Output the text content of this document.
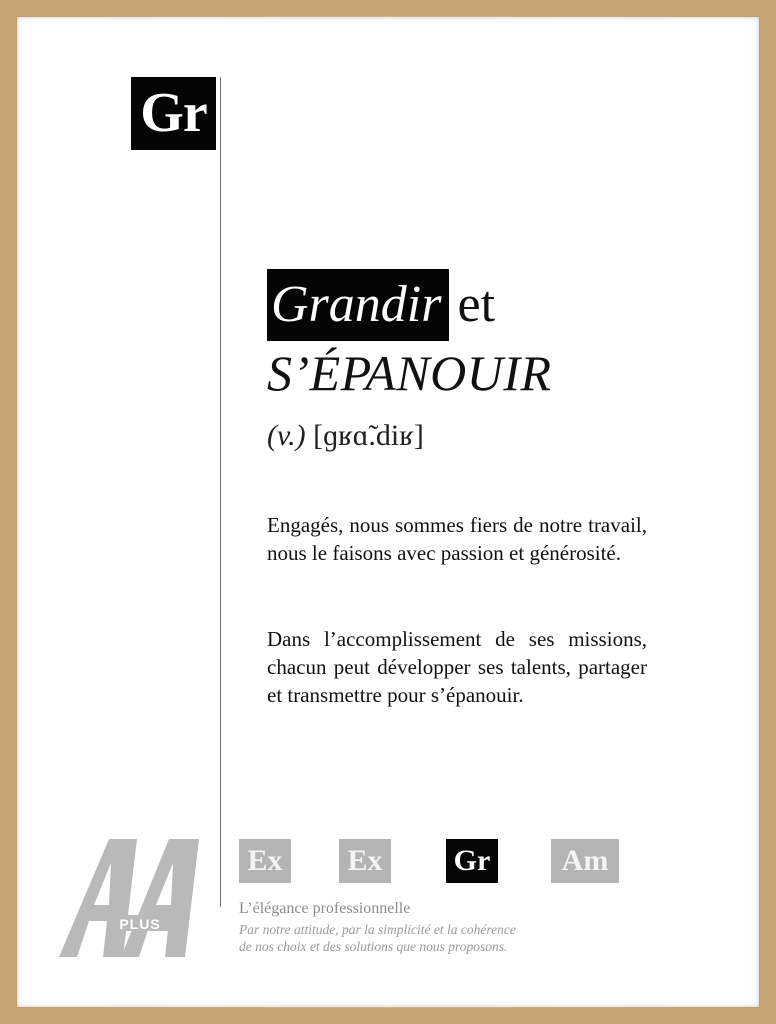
Gr
Grandir et
S’ÉPANOUIR
(v.) [ɡʁɑ̃.diʁ]
Engagés, nous sommes fiers de notre travail, nous le faisons avec passion et générosité.
Dans l’accomplissement de ses missions, chacun peut développer ses talents, partager et transmettre pour s’épanouir.
PLUS
Ex Ex Gr	Am
L’élégance professionnelle
Par notre attitude, par la simplicité et la cohérence
de nos choix et des solutions que nous proposons.
